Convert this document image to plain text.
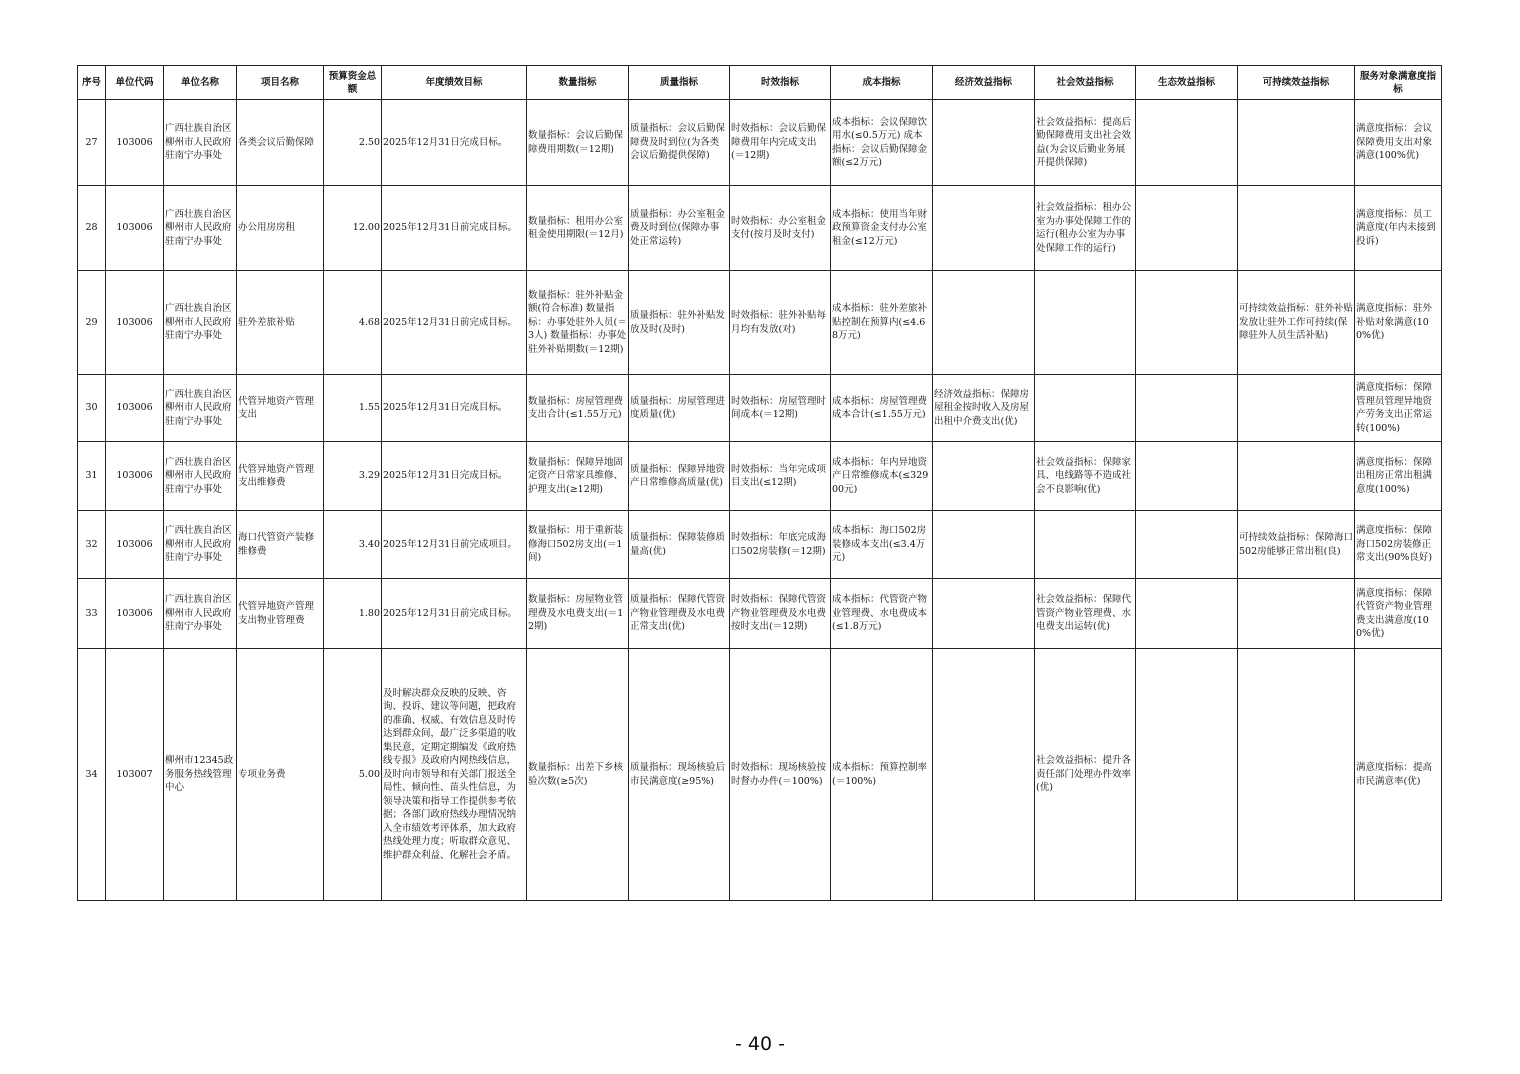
序号	单位代码	单位名称	项目名称	预算资金总额	年度绩效目标	数量指标	质量指标	时效指标	成本指标	经济效益指标	社会效益指标	生态效益指标	可持续效益指标	服务对象满意度指标
27	103006	广西壮族自治区柳州市人民政府驻南宁办事处	各类会议后勤保障	2.50	2025年12月31日完成目标。	数量指标：会议后勤保障费用期数(＝12期)	质量指标：会议后勤保障费及时到位(为各类会议后勤提供保障)	时效指标：会议后勤保障费用年内完成支出(＝12期)	成本指标：会议保障饮用水(≤0.5万元) 成本指标：会议后勤保障金额(≤2万元)		社会效益指标：提高后勤保障费用支出社会效益(为会议后勤业务展开提供保障)			满意度指标：会议保障费用支出对象满意(100%优)
28	103006	广西壮族自治区柳州市人民政府驻南宁办事处	办公用房房租	12.00	2025年12月31日前完成目标。	数量指标：租用办公室租金使用期限(＝12月)	质量指标：办公室租金费及时到位(保障办事处正常运转)	时效指标：办公室租金支付(按月及时支付)	成本指标：使用当年财政预算资金支付办公室租金(≤12万元)		社会效益指标：租办公室为办事处保障工作的运行(租办公室为办事处保障工作的运行)			满意度指标：员工满意度(年内未接到投诉)
29	103006	广西壮族自治区柳州市人民政府驻南宁办事处	驻外差旅补贴	4.68	2025年12月31日前完成目标。	数量指标：驻外补贴金额(符合标准) 数量指标：办事处驻外人员(＝3人) 数量指标：办事处驻外补贴期数(＝12期)	质量指标：驻外补贴发放及时(及时)	时效指标：驻外补贴每月均有发放(对)	成本指标：驻外差旅补贴控制在预算内(≤4.68万元)				可持续效益指标：驻外补贴发放让驻外工作可持续(保障驻外人员生活补贴)	满意度指标：驻外补贴对象满意(100%优)
30	103006	广西壮族自治区柳州市人民政府驻南宁办事处	代管异地资产管理支出	1.55	2025年12月31日完成目标。	数量指标：房屋管理费支出合计(≤1.55万元)	质量指标：房屋管理进度质量(优)	时效指标：房屋管理时间成本(＝12期)	成本指标：房屋管理费成本合计(≤1.55万元)	经济效益指标：保障房屋租金按时收入及房屋出租中介费支出(优)				满意度指标：保障管理员管理异地资产劳务支出正常运转(100%)
31	103006	广西壮族自治区柳州市人民政府驻南宁办事处	代管异地资产管理支出维修费	3.29	2025年12月31日完成目标。	数量指标：保障异地固定资产日常家具维修、护理支出(≥12期)	质量指标：保障异地资产日常维修高质量(优)	时效指标：当年完成项目支出(≤12期)	成本指标：年内异地资产日常维修成本(≤32900元)		社会效益指标：保障家具、电线路等不造成社会不良影响(优)			满意度指标：保障出租房正常出租满意度(100%)
32	103006	广西壮族自治区柳州市人民政府驻南宁办事处	海口代管资产装修维修费	3.40	2025年12月31日前完成项目。	数量指标：用于重新装修海口502房支出(＝1间)	质量指标：保障装修质量高(优)	时效指标：年底完成海口502房装修(＝12期)	成本指标：海口502房装修成本支出(≤3.4万元)				可持续效益指标：保障海口502房能够正常出租(良)	满意度指标：保障海口502房装修正常支出(90%良好)
33	103006	广西壮族自治区柳州市人民政府驻南宁办事处	代管异地资产管理支出物业管理费	1.80	2025年12月31日前完成目标。	数量指标：房屋物业管理费及水电费支出(＝12期)	质量指标：保障代管资产物业管理费及水电费正常支出(优)	时效指标：保障代管资产物业管理费及水电费按时支出(＝12期)	成本指标：代管资产物业管理费、水电费成本(≤1.8万元)		社会效益指标：保障代管资产物业管理费、水电费支出运转(优)			满意度指标：保障代管资产物业管理费支出满意度(100%优)
34	103007	柳州市12345政务服务热线管理中心	专项业务费	5.00	及时解决群众反映的反映、咨询、投诉、建议等问题，把政府的准确、权威、有效信息及时传达到群众间，最广泛多渠道的收集民意，定期定期编发《政府热线专报》及政府内网热线信息，及时向市领导和有关部门报送全局性、倾向性、苗头性信息，为领导决策和指导工作提供参考依据；各部门政府热线办理情况纳入全市绩效考评体系，加大政府热线处理力度；听取群众意见、维护群众利益、化解社会矛盾。	数量指标：出差下乡核验次数(≥5次)	质量指标：现场核验后市民满意度(≥95%)	时效指标：现场核验按时督办办件(＝100%)	成本指标：预算控制率(＝100%)		社会效益指标：提升各责任部门处理办件效率(优)			满意度指标：提高市民满意率(优)
- 40 -
